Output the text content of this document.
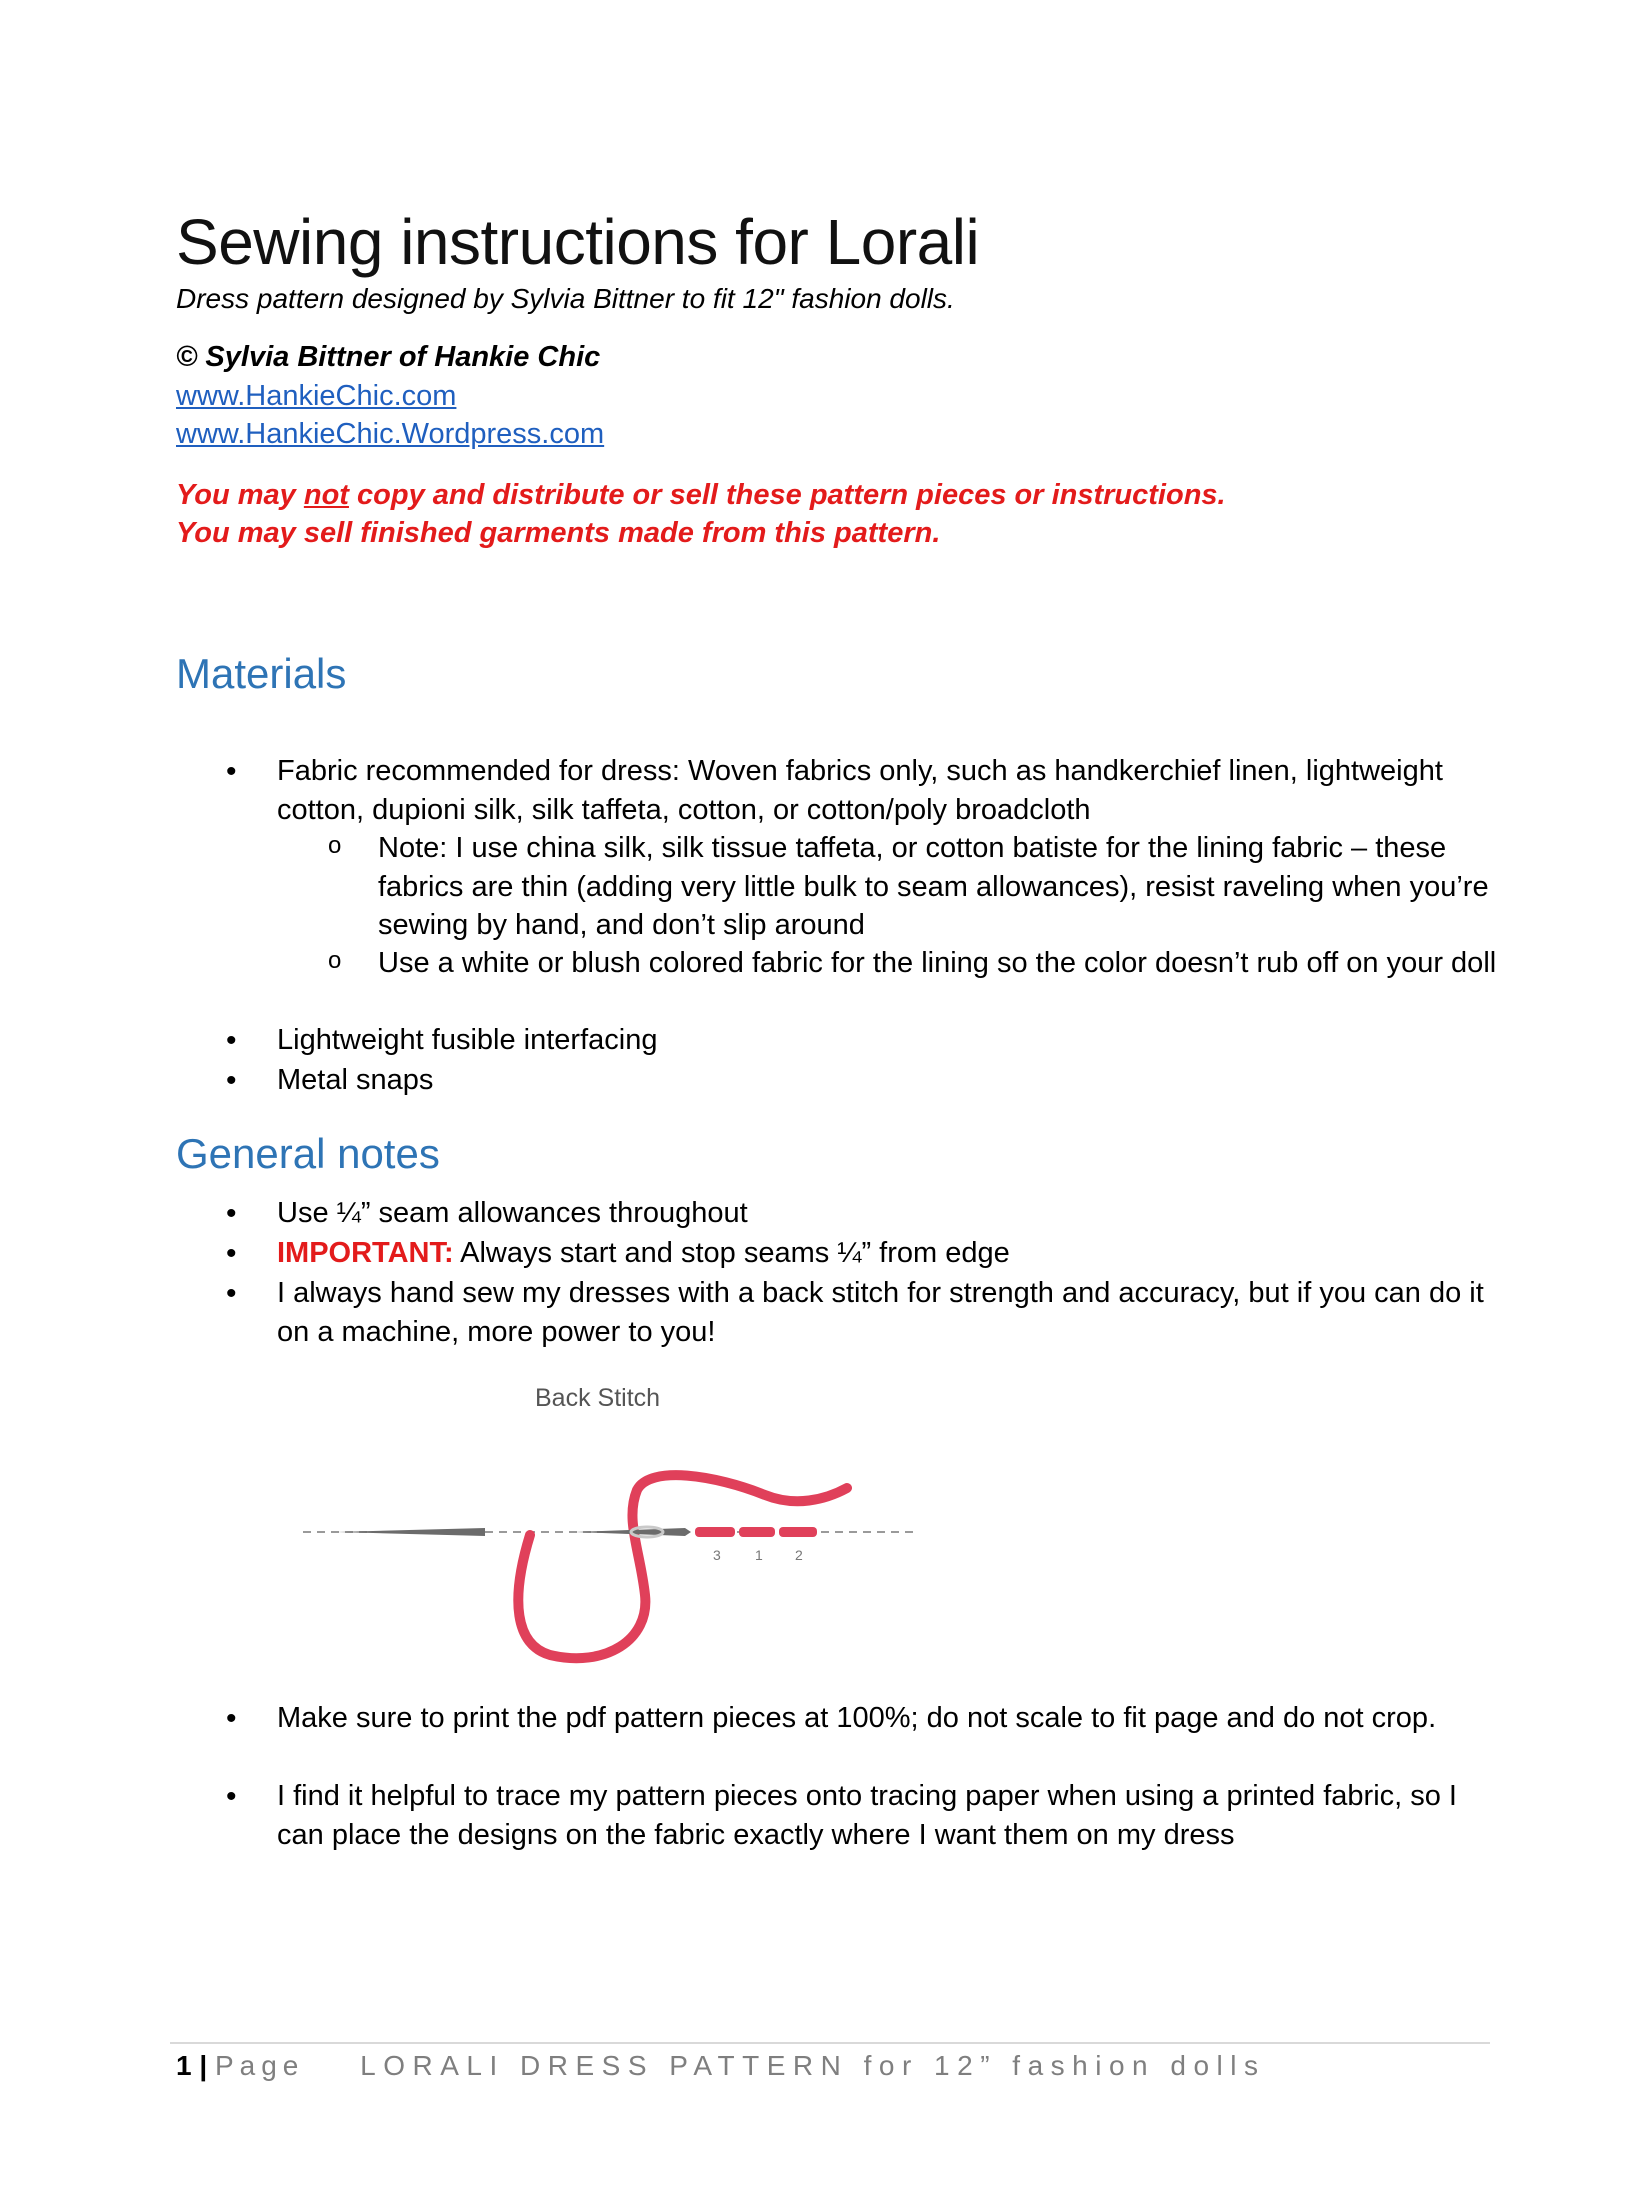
Sewing instructions for Lorali

Dress pattern designed by Sylvia Bittner to fit 12" fashion dolls.

© Sylvia Bittner of Hankie Chic

www.HankieChic.com
www.HankieChic.Wordpress.com

You may not copy and distribute or sell these pattern pieces or instructions.

You may sell finished garments made from this pattern.

Materials
• Fabric recommended for dress: Woven fabrics only, such as handkerchief linen, lightweight cotton, dupioni silk, silk taffeta, cotton, or cotton/poly broadcloth
o Note: I use china silk, silk tissue taffeta, or cotton batiste for the lining fabric – these fabrics are thin (adding very little bulk to seam allowances), resist raveling when you’re sewing by hand, and don’t slip around
o Use a white or blush colored fabric for the lining so the color doesn’t rub off on your doll
• Lightweight fusible interfacing
• Metal snaps
General notes
• Use ¼” seam allowances throughout
• IMPORTANT: Always start and stop seams ¼” from edge
• I always hand sew my dresses with a back stitch for strength and accuracy, but if you can do it on a machine, more power to you!
• Make sure to print the pdf pattern pieces at 100%; do not scale to fit page and do not crop.
• I find it helpful to trace my pattern pieces onto tracing paper when using a printed fabric, so I can place the designs on the fabric exactly where I want them on my dress
Back Stitch
3 1 2
1 | Page LORALI DRESS PATTERN for 12” fashion dolls
